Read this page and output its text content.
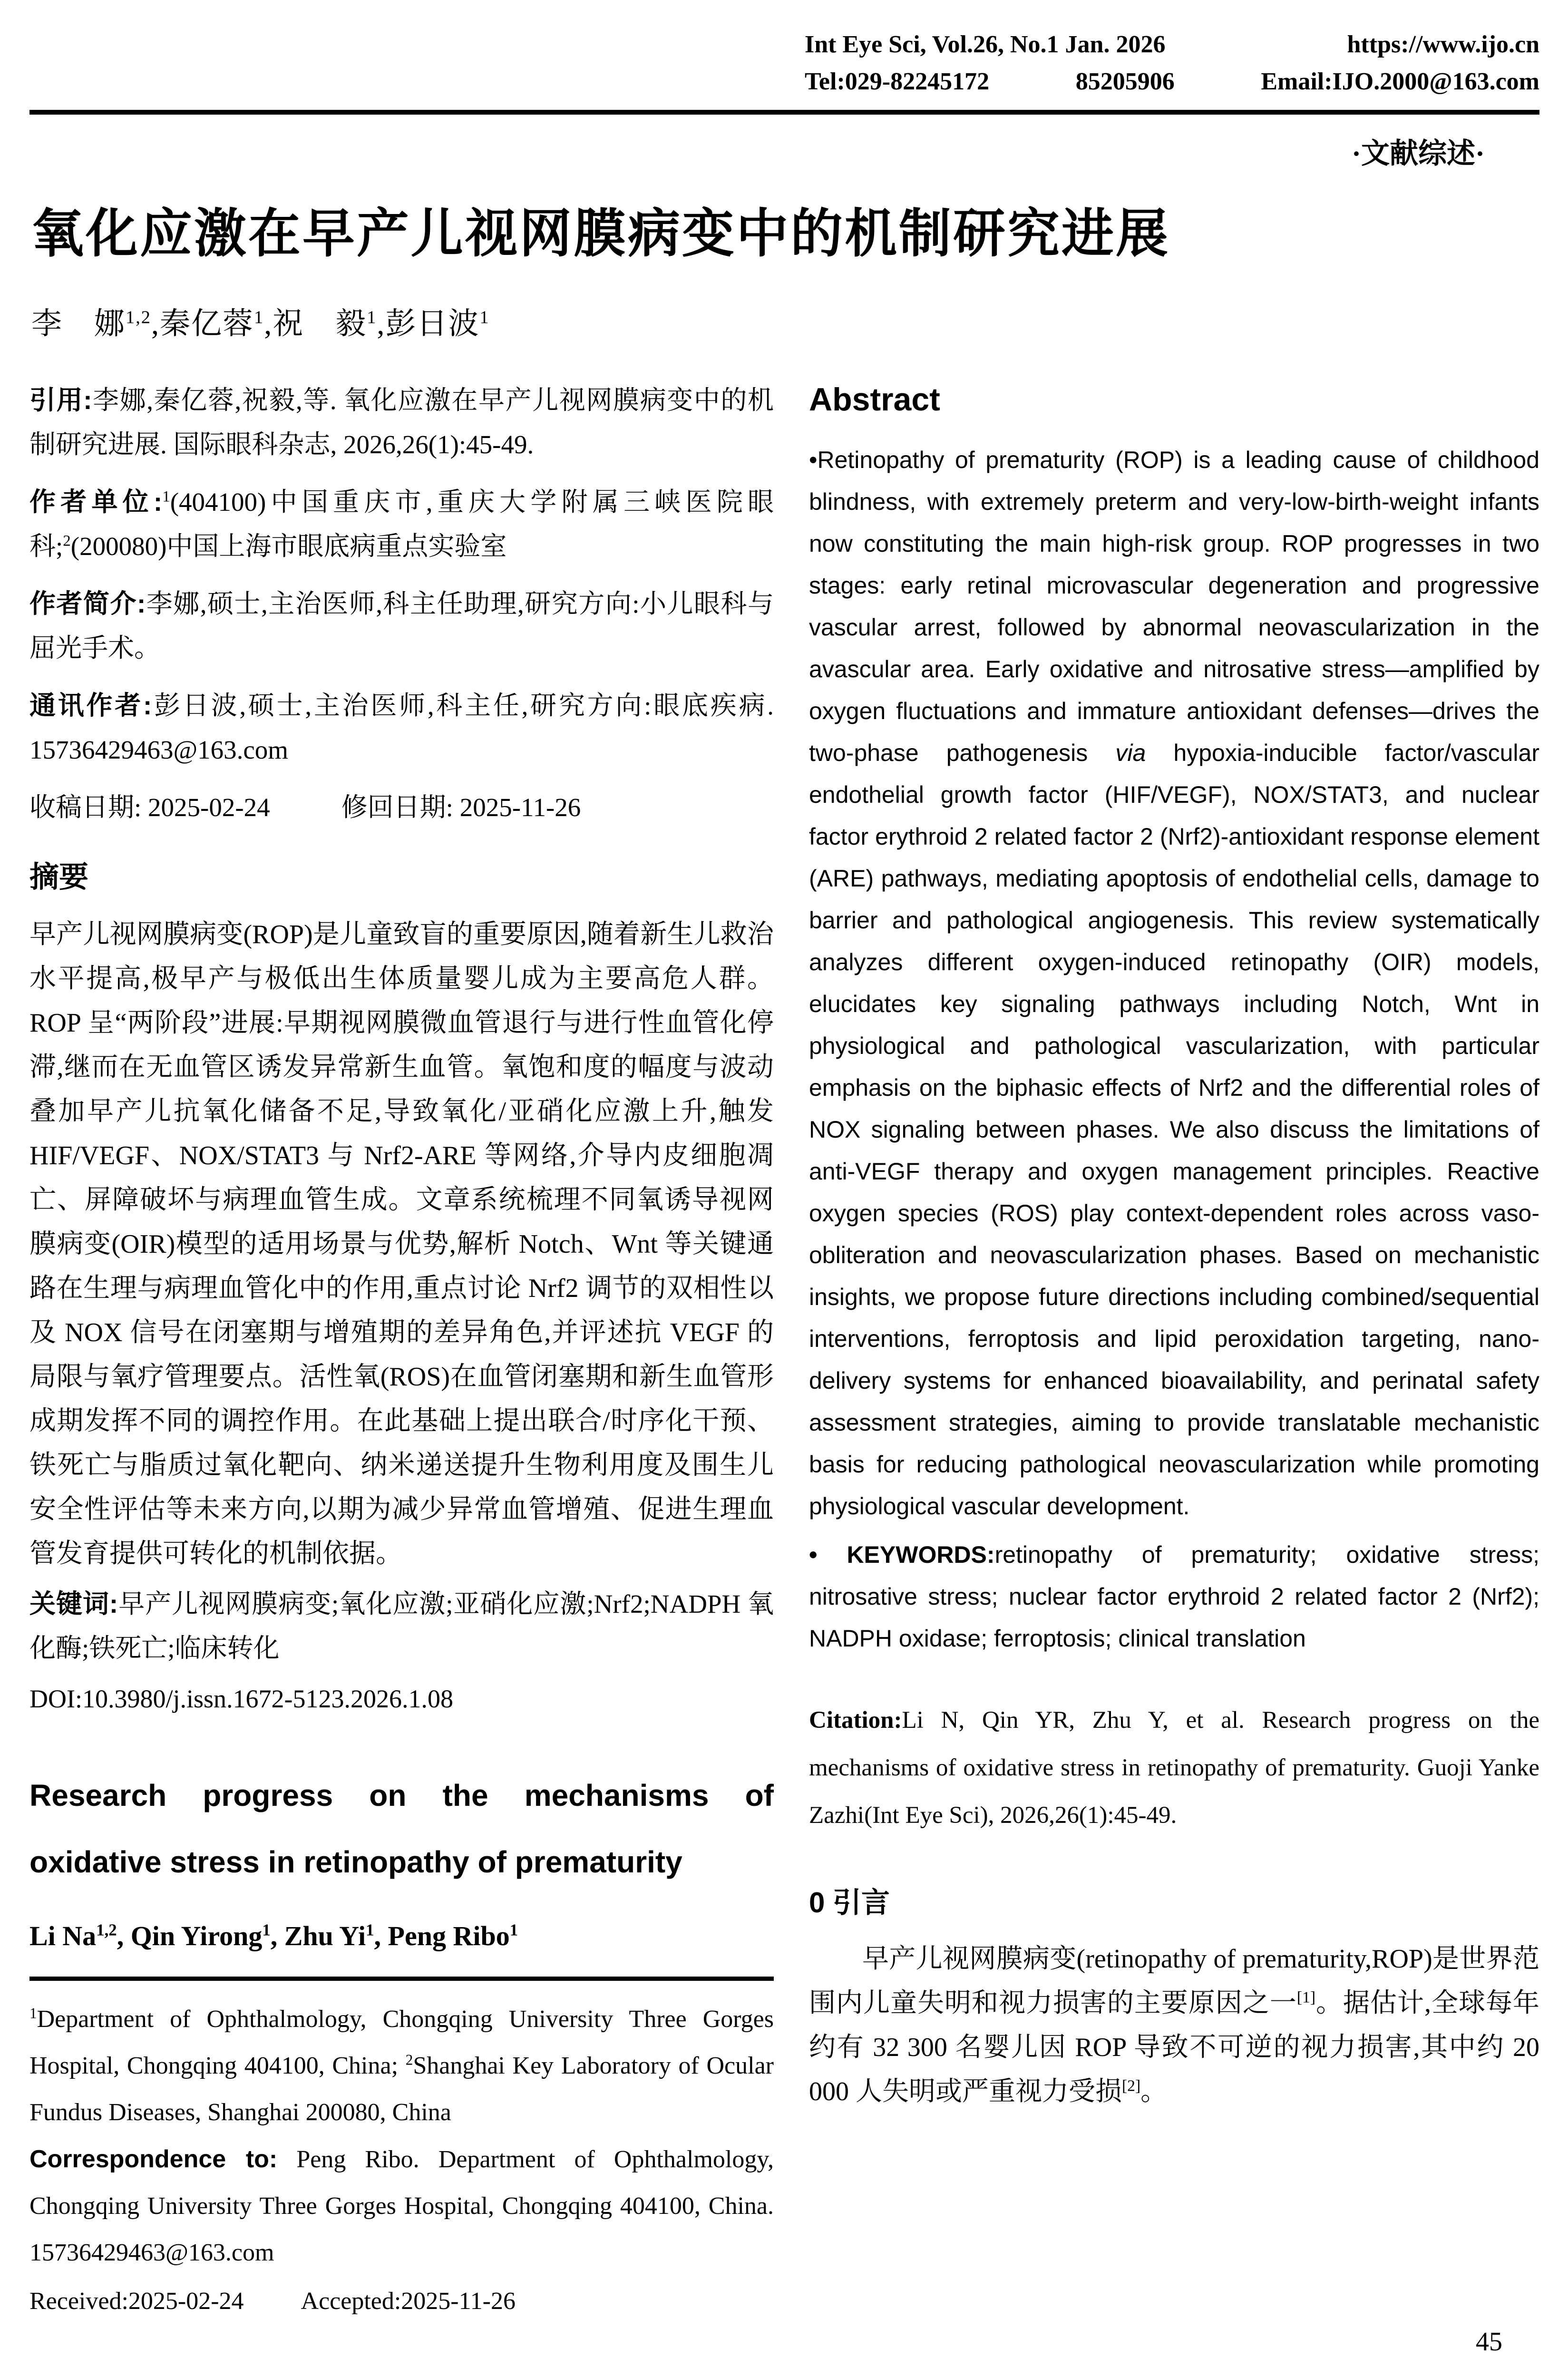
Int Eye Sci, Vol.26, No.1 Jan. 2026	https://www.ijo.cn
Tel:029-82245172	85205906	Email:IJO.2000@163.com
·文献综述·
氧化应激在早产儿视网膜病变中的机制研究进展
李　娜$^{1,2}$,秦亿蓉$^1$,祝　毅$^1$,彭日波$^1$

引用:李娜,秦亿蓉,祝毅,等. 氧化应激在早产儿视网膜病变中的机制研究进展. 国际眼科杂志, 2026,26(1):45-49.

作者单位:$^1$(404100)中国重庆市,重庆大学附属三峡医院眼科;$^2$(200080)中国上海市眼底病重点实验室

作者简介:李娜,硕士,主治医师,科主任助理,研究方向:小儿眼科与屈光手术。

通讯作者:彭日波,硕士,主治医师,科主任,研究方向:眼底疾病. 15736429463@163.com

收稿日期: 2025-02-24	修回日期: 2025-11-26
摘要

早产儿视网膜病变(ROP)是儿童致盲的重要原因,随着新生儿救治水平提高,极早产与极低出生体质量婴儿成为主要高危人群。ROP 呈“两阶段”进展:早期视网膜微血管退行与进行性血管化停滞,继而在无血管区诱发异常新生血管。氧饱和度的幅度与波动叠加早产儿抗氧化储备不足,导致氧化/亚硝化应激上升,触发 HIF/VEGF、NOX/STAT3 与 Nrf2-ARE 等网络,介导内皮细胞凋亡、屏障破坏与病理血管生成。文章系统梳理不同氧诱导视网膜病变(OIR)模型的适用场景与优势,解析 Notch、Wnt 等关键通路在生理与病理血管化中的作用,重点讨论 Nrf2 调节的双相性以及 NOX 信号在闭塞期与增殖期的差异角色,并评述抗 VEGF 的局限与氧疗管理要点。活性氧(ROS)在血管闭塞期和新生血管形成期发挥不同的调控作用。在此基础上提出联合/时序化干预、铁死亡与脂质过氧化靶向、纳米递送提升生物利用度及围生儿安全性评估等未来方向,以期为减少异常血管增殖、促进生理血管发育提供可转化的机制依据。

关键词:早产儿视网膜病变;氧化应激;亚硝化应激;Nrf2;NADPH 氧化酶;铁死亡;临床转化

DOI:10.3980/j.issn.1672-5123.2026.1.08
Research progress on the mechanisms of oxidative stress in retinopathy of prematurity
Li Na$^{1,2}$, Qin Yirong$^1$, Zhu Yi$^1$, Peng Ribo$^1$

$^1$Department of Ophthalmology, Chongqing University Three Gorges Hospital, Chongqing 404100, China; $^2$Shanghai Key Laboratory of Ocular Fundus Diseases, Shanghai 200080, China

Correspondence to: Peng Ribo. Department of Ophthalmology, Chongqing University Three Gorges Hospital, Chongqing 404100, China. 15736429463@163.com

Received:2025-02-24 Accepted:2025-11-26
Abstract

•Retinopathy of prematurity (ROP) is a leading cause of childhood blindness, with extremely preterm and very-low-birth-weight infants now constituting the main high-risk group. ROP progresses in two stages: early retinal microvascular degeneration and progressive vascular arrest, followed by abnormal neovascularization in the avascular area. Early oxidative and nitrosative stress—amplified by oxygen fluctuations and immature antioxidant defenses—drives the two-phase pathogenesis via hypoxia-inducible factor/vascular endothelial growth factor (HIF/VEGF), NOX/STAT3, and nuclear factor erythroid 2 related factor 2 (Nrf2)-antioxidant response element (ARE) pathways, mediating apoptosis of endothelial cells, damage to barrier and pathological angiogenesis. This review systematically analyzes different oxygen-induced retinopathy (OIR) models, elucidates key signaling pathways including Notch, Wnt in physiological and pathological vascularization, with particular emphasis on the biphasic effects of Nrf2 and the differential roles of NOX signaling between phases. We also discuss the limitations of anti-VEGF therapy and oxygen management principles. Reactive oxygen species (ROS) play context-dependent roles across vaso-obliteration and neovascularization phases. Based on mechanistic insights, we propose future directions including combined/sequential interventions, ferroptosis and lipid peroxidation targeting, nano-delivery systems for enhanced bioavailability, and perinatal safety assessment strategies, aiming to provide translatable mechanistic basis for reducing pathological neovascularization while promoting physiological vascular development.

• KEYWORDS:retinopathy of prematurity; oxidative stress; nitrosative stress; nuclear factor erythroid 2 related factor 2 (Nrf2); NADPH oxidase; ferroptosis; clinical translation

Citation:Li N, Qin YR, Zhu Y, et al. Research progress on the mechanisms of oxidative stress in retinopathy of prematurity. Guoji Yanke Zazhi(Int Eye Sci), 2026,26(1):45-49.

0 引言

早产儿视网膜病变(retinopathy of prematurity,ROP)是世界范围内儿童失明和视力损害的主要原因之一[1]。据估计,全球每年约有 32 300 名婴儿因 ROP 导致不可逆的视力损害,其中约 20 000 人失明或严重视力受损[2]。

45
